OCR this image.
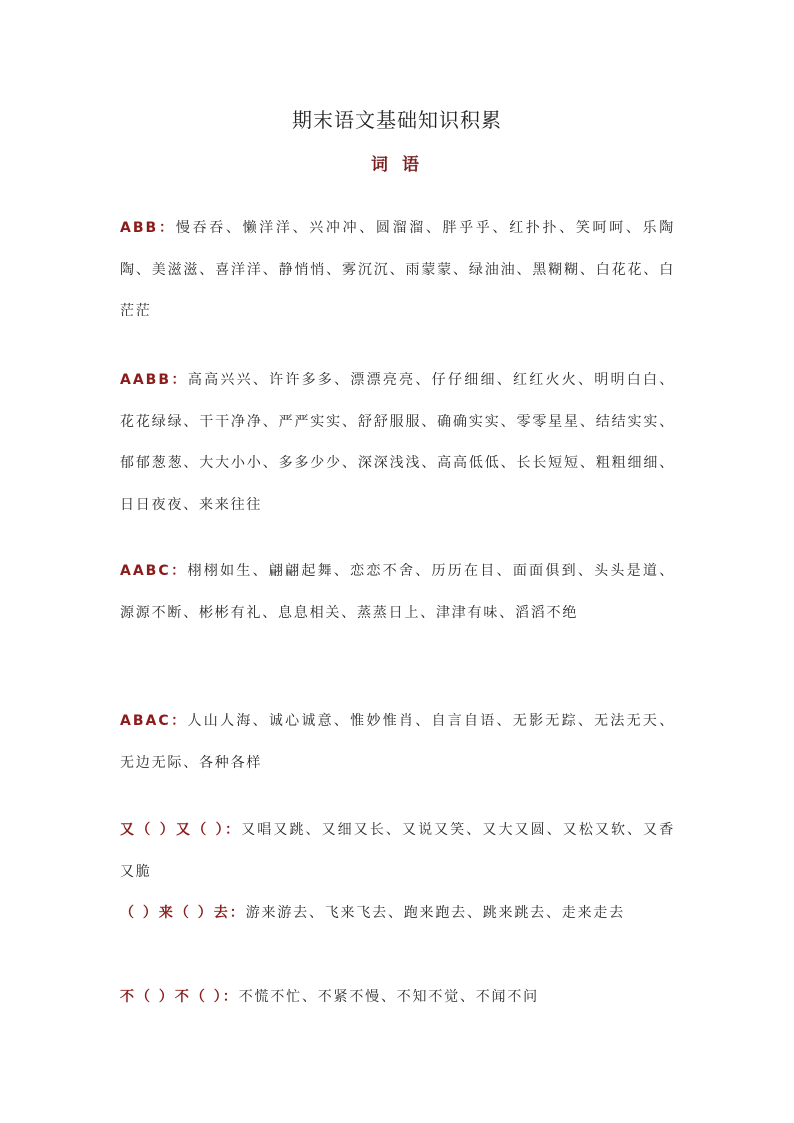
期末语文基础知识积累
词 语
ABB：慢吞吞、懒洋洋、兴冲冲、圆溜溜、胖乎乎、红扑扑、笑呵呵、乐陶陶、美滋滋、喜洋洋、静悄悄、雾沉沉、雨蒙蒙、绿油油、黑糊糊、白花花、白茫茫
AABB：高高兴兴、许许多多、漂漂亮亮、仔仔细细、红红火火、明明白白、花花绿绿、干干净净、严严实实、舒舒服服、确确实实、零零星星、结结实实、郁郁葱葱、大大小小、多多少少、深深浅浅、高高低低、长长短短、粗粗细细、日日夜夜、来来往往
AABC：栩栩如生、翩翩起舞、恋恋不舍、历历在目、面面俱到、头头是道、源源不断、彬彬有礼、息息相关、蒸蒸日上、津津有味、滔滔不绝
ABAC：人山人海、诚心诚意、惟妙惟肖、自言自语、无影无踪、无法无天、无边无际、各种各样
又（ ）又（ ）：又唱又跳、又细又长、又说又笑、又大又圆、又松又软、又香又脆
（ ）来（ ）去：游来游去、飞来飞去、跑来跑去、跳来跳去、走来走去
不（ ）不（ ）：不慌不忙、不紧不慢、不知不觉、不闻不问
